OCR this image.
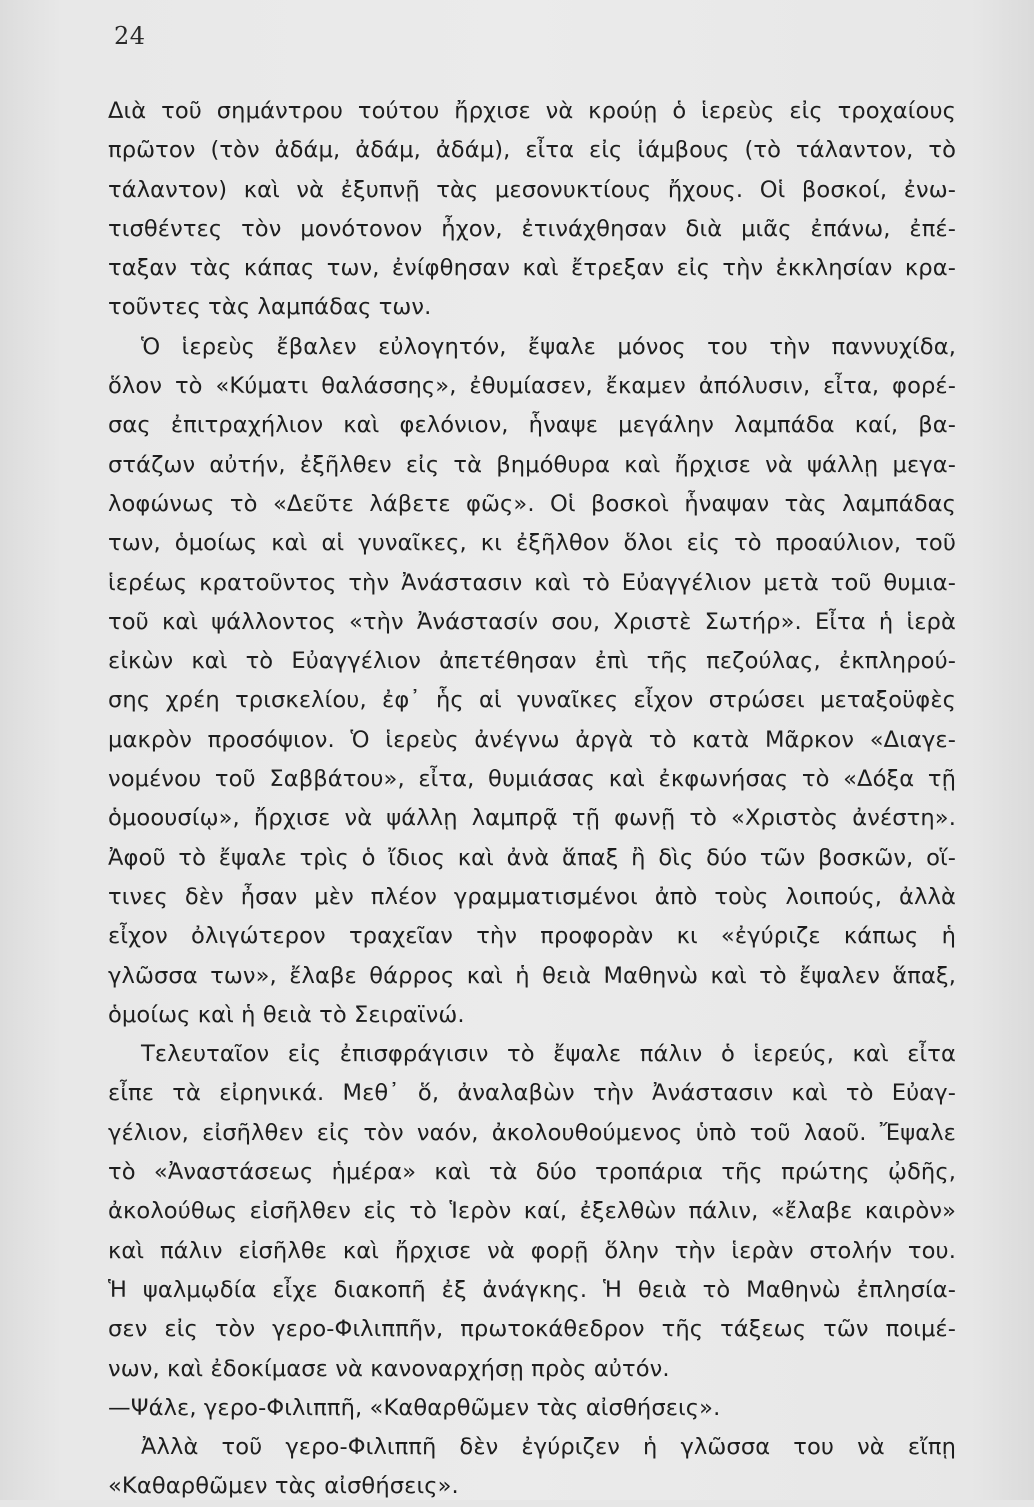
24
Διὰ τοῦ σημάντρου τούτου ἤρχισε νὰ κρούῃ ὁ ἱερεὺς εἰς τροχαίους
πρῶτον (τὸν ἀδάμ, ἀδάμ, ἀδάμ), εἶτα εἰς ἰάμβους (τὸ τάλαντον, τὸ
τάλαντον) καὶ νὰ ἐξυπνῇ τὰς μεσονυκτίους ἤχους. Οἱ βοσκοί, ἐνω-
τισθέντες τὸν μονότονον ἦχον, ἐτινάχθησαν διὰ μιᾶς ἐπάνω, ἐπέ-
ταξαν τὰς κάπας των, ἐνίφθησαν καὶ ἔτρεξαν εἰς τὴν ἐκκλησίαν κρα-
τοῦντες τὰς λαμπάδας των.
Ὁ ἱερεὺς ἔβαλεν εὐλογητόν, ἔψαλε μόνος του τὴν παννυχίδα,
ὅλον τὸ «Κύματι θαλάσσης», ἐθυμίασεν, ἔκαμεν ἀπόλυσιν, εἶτα, φορέ-
σας ἐπιτραχήλιον καὶ φελόνιον, ἧναψε μεγάλην λαμπάδα καί, βα-
στάζων αὐτήν, ἐξῆλθεν εἰς τὰ βημόθυρα καὶ ἤρχισε νὰ ψάλλῃ μεγα-
λοφώνως τὸ «Δεῦτε λάβετε φῶς». Οἱ βοσκοὶ ἧναψαν τὰς λαμπάδας
των, ὁμοίως καὶ αἱ γυναῖκες, κι ἐξῆλθον ὅλοι εἰς τὸ προαύλιον, τοῦ
ἱερέως κρατοῦντος τὴν Ἀνάστασιν καὶ τὸ Εὐαγγέλιον μετὰ τοῦ θυμια-
τοῦ καὶ ψάλλοντος «τὴν Ἀνάστασίν σου, Χριστὲ Σωτήρ». Εἶτα ἡ ἱερὰ
εἰκὼν καὶ τὸ Εὐαγγέλιον ἀπετέθησαν ἐπὶ τῆς πεζούλας, ἐκπληρού-
σης χρέη τρισκελίου, ἐφ᾽ ἧς αἱ γυναῖκες εἶχον στρώσει μεταξοϋφὲς
μακρὸν προσόψιον. Ὁ ἱερεὺς ἀνέγνω ἀργὰ τὸ κατὰ Μᾶρκον «Διαγε-
νομένου τοῦ Σαββάτου», εἶτα, θυμιάσας καὶ ἐκφωνήσας τὸ «Δόξα τῇ
ὁμοουσίῳ», ἤρχισε νὰ ψάλλῃ λαμπρᾷ τῇ φωνῇ τὸ «Χριστὸς ἀνέστη».
Ἀφοῦ τὸ ἔψαλε τρὶς ὁ ἴδιος καὶ ἀνὰ ἅπαξ ἢ δὶς δύο τῶν βοσκῶν, οἵ-
τινες δὲν ἦσαν μὲν πλέον γραμματισμένοι ἀπὸ τοὺς λοιπούς, ἀλλὰ
εἶχον ὀλιγώτερον τραχεῖαν τὴν προφορὰν κι «ἐγύριζε κάπως ἡ
γλῶσσα των», ἔλαβε θάρρος καὶ ἡ θειὰ Μαθηνὼ καὶ τὸ ἔψαλεν ἅπαξ,
ὁμοίως καὶ ἡ θειὰ τὸ Σειραϊνώ.
Τελευταῖον εἰς ἐπισφράγισιν τὸ ἔψαλε πάλιν ὁ ἱερεύς, καὶ εἶτα
εἶπε τὰ εἰρηνικά. Μεθ᾽ ὅ, ἀναλαβὼν τὴν Ἀνάστασιν καὶ τὸ Εὐαγ-
γέλιον, εἰσῆλθεν εἰς τὸν ναόν, ἀκολουθούμενος ὑπὸ τοῦ λαοῦ. Ἔψαλε
τὸ «Ἀναστάσεως ἡμέρα» καὶ τὰ δύο τροπάρια τῆς πρώτης ᾠδῆς,
ἀκολούθως εἰσῆλθεν εἰς τὸ Ἱερὸν καί, ἐξελθὼν πάλιν, «ἔλαβε καιρὸν»
καὶ πάλιν εἰσῆλθε καὶ ἤρχισε νὰ φορῇ ὅλην τὴν ἱερὰν στολήν του.
Ἡ ψαλμῳδία εἶχε διακοπῆ ἐξ ἀνάγκης. Ἡ θειὰ τὸ Μαθηνὼ ἐπλησία-
σεν εἰς τὸν γερο-Φιλιππῆν, πρωτοκάθεδρον τῆς τάξεως τῶν ποιμέ-
νων, καὶ ἐδοκίμασε νὰ κανοναρχήσῃ πρὸς αὐτόν.
—Ψάλε, γερο-Φιλιππῆ, «Καθαρθῶμεν τὰς αἰσθήσεις».
Ἀλλὰ τοῦ γερο-Φιλιππῆ δὲν ἐγύριζεν ἡ γλῶσσα του νὰ εἴπῃ
«Καθαρθῶμεν τὰς αἰσθήσεις».
